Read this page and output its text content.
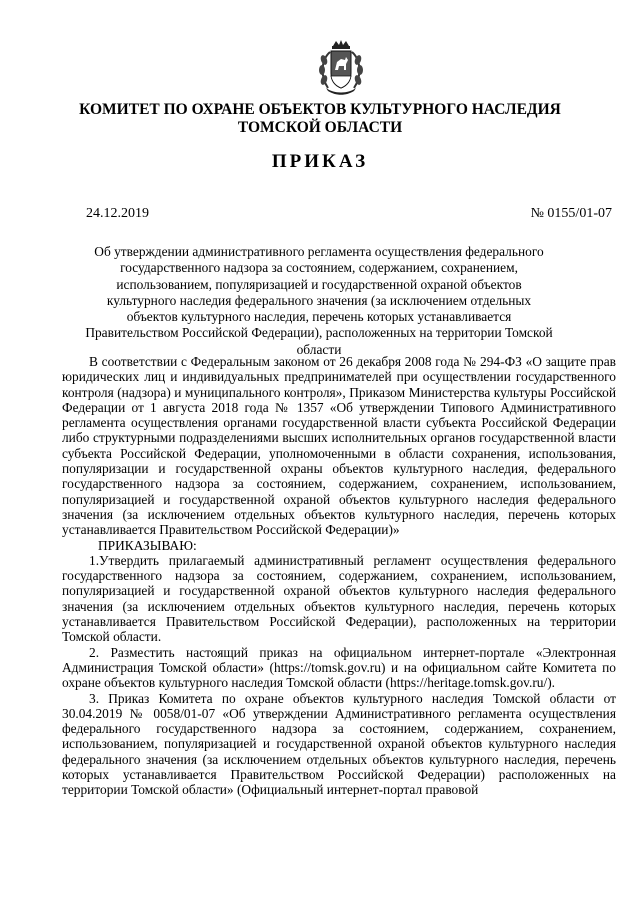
КОМИТЕТ ПО ОХРАНЕ ОБЪЕКТОВ КУЛЬТУРНОГО НАСЛЕДИЯ
ТОМСКОЙ ОБЛАСТИ
ПРИКАЗ
24.12.2019	№ 0155/01-07
Об утверждении административного регламента осуществления федерального государственного надзора за состоянием, содержанием, сохранением, использованием, популяризацией и государственной охраной объектов культурного наследия федерального значения (за исключением отдельных объектов культурного наследия, перечень которых устанавливается Правительством Российской Федерации), расположенных на территории Томской области

В соответствии с Федеральным законом от 26 декабря 2008 года № 294-ФЗ «О защите прав юридических лиц и индивидуальных предпринимателей при осуществлении государственного контроля (надзора) и муниципального контроля», Приказом Министерства культуры Российской Федерации от 1 августа 2018 года № 1357 «Об утверждении Типового Административного регламента осуществления органами государственной власти субъекта Российской Федерации либо структурными подразделениями высших исполнительных органов государственной власти субъекта Российской Федерации, уполномоченными в области сохранения, использования, популяризации и государственной охраны объектов культурного наследия, федерального государственного надзора за состоянием, содержанием, сохранением, использованием, популяризацией и государственной охраной объектов культурного наследия федерального значения (за исключением отдельных объектов культурного наследия, перечень которых устанавливается Правительством Российской Федерации)»

ПРИКАЗЫВАЮ:

1.Утвердить прилагаемый административный регламент осуществления федерального государственного надзора за состоянием, содержанием, сохранением, использованием, популяризацией и государственной охраной объектов культурного наследия федерального значения (за исключением отдельных объектов культурного наследия, перечень которых устанавливается Правительством Российской Федерации), расположенных на территории Томской области.

2. Разместить настоящий приказ на официальном интернет-портале «Электронная Администрация Томской области» (https://tomsk.gov.ru) и на официальном сайте Комитета по охране объектов культурного наследия Томской области (https://heritage.tomsk.gov.ru/).

3. Приказ Комитета по охране объектов культурного наследия Томской области от 30.04.2019 № 0058/01-07 «Об утверждении Административного регламента осуществления федерального государственного надзора за состоянием, содержанием, сохранением, использованием, популяризацией и государственной охраной объектов культурного наследия федерального значения (за исключением отдельных объектов культурного наследия, перечень которых устанавливается Правительством Российской Федерации) расположенных на территории Томской области» (Официальный интернет-портал правовой
